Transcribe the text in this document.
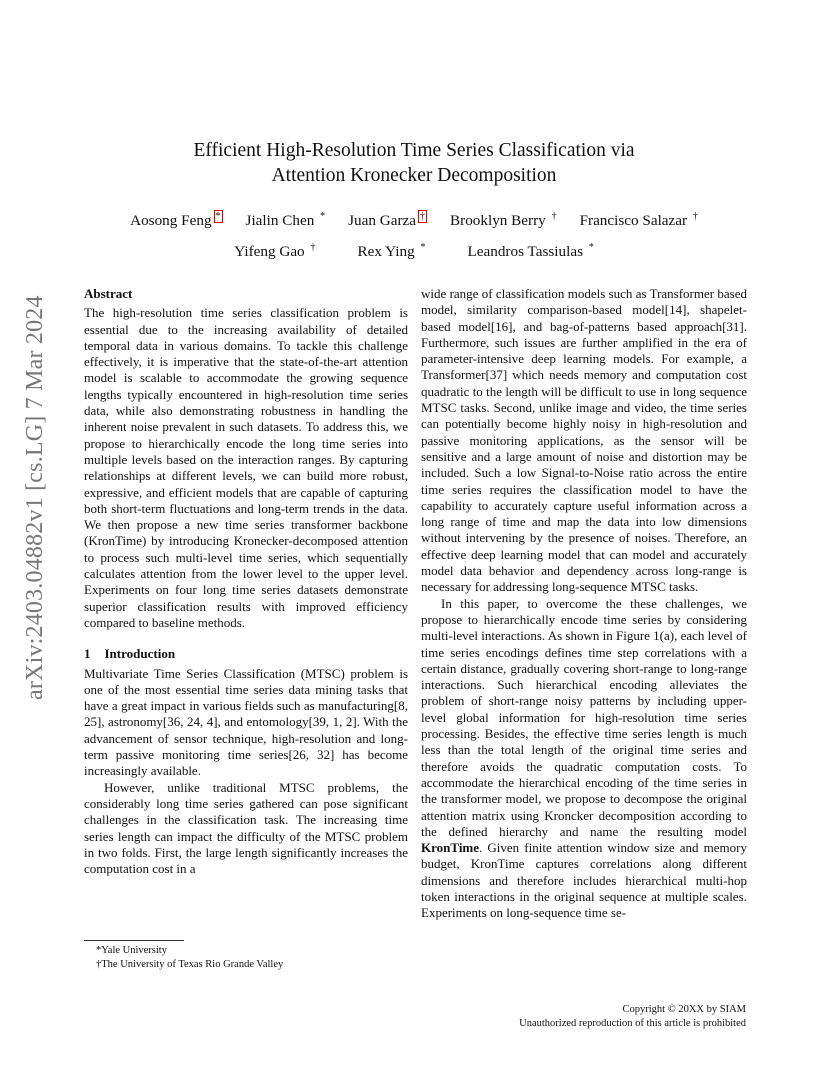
arXiv:2403.04882v1 [cs.LG] 7 Mar 2024
Efficient High-Resolution Time Series Classification via
Attention Kronecker Decomposition
Aosong Feng * Jialin Chen * Juan Garza † Brooklyn Berry † Francisco Salazar †
Yifeng Gao †	Rex Ying *	Leandros Tassiulas *
Abstract

The high-resolution time series classification problem is essential due to the increasing availability of detailed temporal data in various domains. To tackle this challenge effectively, it is imperative that the state-of-the-art attention model is scalable to accommodate the growing sequence lengths typically encountered in high-resolution time series data, while also demonstrating robustness in handling the inherent noise prevalent in such datasets. To address this, we propose to hierarchically encode the long time series into multiple levels based on the interaction ranges. By capturing relationships at different levels, we can build more robust, expressive, and efficient models that are capable of capturing both short-term fluctuations and long-term trends in the data. We then propose a new time series transformer backbone (KronTime) by introducing Kronecker-decomposed attention to process such multi-level time series, which sequentially calculates attention from the lower level to the upper level. Experiments on four long time series datasets demonstrate superior classification results with improved efficiency compared to baseline methods.

1 Introduction

Multivariate Time Series Classification (MTSC) problem is one of the most essential time series data mining tasks that have a great impact in various fields such as manufacturing[8, 25], astronomy[36, 24, 4], and entomology[39, 1, 2]. With the advancement of sensor technique, high-resolution and long-term passive monitoring time series[26, 32] has become increasingly available.

However, unlike traditional MTSC problems, the considerably long time series gathered can pose significant challenges in the classification task. The increasing time series length can impact the difficulty of the MTSC problem in two folds. First, the large length significantly increases the computation cost in a

wide range of classification models such as Transformer based model, similarity comparison-based model[14], shapelet-based model[16], and bag-of-patterns based approach[31]. Furthermore, such issues are further amplified in the era of parameter-intensive deep learning models. For example, a Transformer[37] which needs memory and computation cost quadratic to the length will be difficult to use in long sequence MTSC tasks. Second, unlike image and video, the time series can potentially become highly noisy in high-resolution and passive monitoring applications, as the sensor will be sensitive and a large amount of noise and distortion may be included. Such a low Signal-to-Noise ratio across the entire time series requires the classification model to have the capability to accurately capture useful information across a long range of time and map the data into low dimensions without intervening by the presence of noises. Therefore, an effective deep learning model that can model and accurately model data behavior and dependency across long-range is necessary for addressing long-sequence MTSC tasks.

In this paper, to overcome the these challenges, we propose to hierarchically encode time series by considering multi-level interactions. As shown in Figure 1(a), each level of time series encodings defines time step correlations with a certain distance, gradually covering short-range to long-range interactions. Such hierarchical encoding alleviates the problem of short-range noisy patterns by including upper-level global information for high-resolution time series processing. Besides, the effective time series length is much less than the total length of the original time series and therefore avoids the quadratic computation costs. To accommodate the hierarchical encoding of the time series in the transformer model, we propose to decompose the original attention matrix using Kroncker decomposition according to the defined hierarchy and name the resulting model KronTime. Given finite attention window size and memory budget, KronTime captures correlations along different dimensions and therefore includes hierarchical multi-hop token interactions in the original sequence at multiple scales. Experiments on long-sequence time se-

*Yale University
†The University of Texas Rio Grande Valley
Copyright © 20XX by SIAM
Unauthorized reproduction of this article is prohibited
